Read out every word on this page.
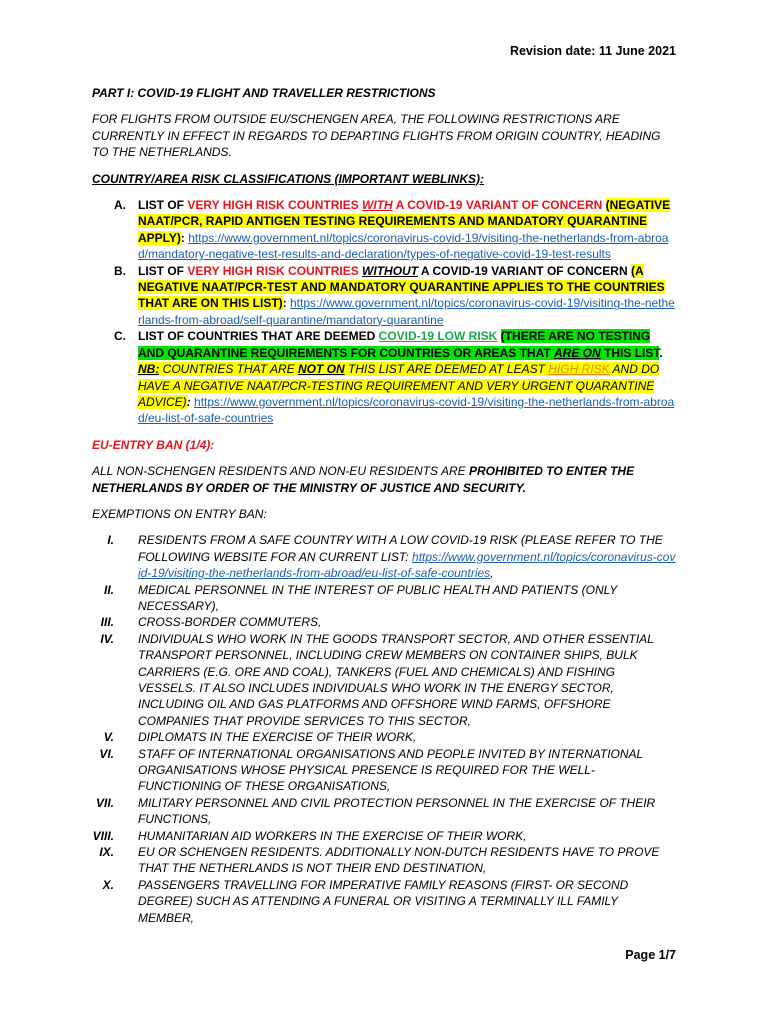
Revision date: 11 June 2021

PART I: COVID-19 FLIGHT AND TRAVELLER RESTRICTIONS

FOR FLIGHTS FROM OUTSIDE EU/SCHENGEN AREA, THE FOLLOWING RESTRICTIONS ARE CURRENTLY IN EFFECT IN REGARDS TO DEPARTING FLIGHTS FROM ORIGIN COUNTRY, HEADING TO THE NETHERLANDS.

COUNTRY/AREA RISK CLASSIFICATIONS (IMPORTANT WEBLINKS):

A. LIST OF VERY HIGH RISK COUNTRIES WITH A COVID-19 VARIANT OF CONCERN (NEGATIVE NAAT/PCR, RAPID ANTIGEN TESTING REQUIREMENTS AND MANDATORY QUARANTINE APPLY): https://www.government.nl/topics/coronavirus-covid-19/visiting-the-netherlands-from-abroad/mandatory-negative-test-results-and-declaration/types-of-negative-covid-19-test-results
B. LIST OF VERY HIGH RISK COUNTRIES WITHOUT A COVID-19 VARIANT OF CONCERN (A NEGATIVE NAAT/PCR-TEST AND MANDATORY QUARANTINE APPLIES TO THE COUNTRIES THAT ARE ON THIS LIST): https://www.government.nl/topics/coronavirus-covid-19/visiting-the-netherlands-from-abroad/self-quarantine/mandatory-quarantine
C. LIST OF COUNTRIES THAT ARE DEEMED COVID-19 LOW RISK (THERE ARE NO TESTING AND QUARANTINE REQUIREMENTS FOR COUNTRIES OR AREAS THAT ARE ON THIS LIST.
NB: COUNTRIES THAT ARE NOT ON THIS LIST ARE DEEMED AT LEAST HIGH RISK AND DO HAVE A NEGATIVE NAAT/PCR-TESTING REQUIREMENT AND VERY URGENT QUARANTINE ADVICE): https://www.government.nl/topics/coronavirus-covid-19/visiting-the-netherlands-from-abroad/eu-list-of-safe-countries

EU-ENTRY BAN (1/4):

ALL NON-SCHENGEN RESIDENTS AND NON-EU RESIDENTS ARE PROHIBITED TO ENTER THE NETHERLANDS BY ORDER OF THE MINISTRY OF JUSTICE AND SECURITY.

EXEMPTIONS ON ENTRY BAN:

I. RESIDENTS FROM A SAFE COUNTRY WITH A LOW COVID-19 RISK (PLEASE REFER TO THE FOLLOWING WEBSITE FOR AN CURRENT LIST: https://www.government.nl/topics/coronavirus-covid-19/visiting-the-netherlands-from-abroad/eu-list-of-safe-countries,
II. MEDICAL PERSONNEL IN THE INTEREST OF PUBLIC HEALTH AND PATIENTS (ONLY NECESSARY),
III. CROSS-BORDER COMMUTERS,
IV. INDIVIDUALS WHO WORK IN THE GOODS TRANSPORT SECTOR, AND OTHER ESSENTIAL TRANSPORT PERSONNEL, INCLUDING CREW MEMBERS ON CONTAINER SHIPS, BULK CARRIERS (E.G. ORE AND COAL), TANKERS (FUEL AND CHEMICALS) AND FISHING VESSELS. IT ALSO INCLUDES INDIVIDUALS WHO WORK IN THE ENERGY SECTOR, INCLUDING OIL AND GAS PLATFORMS AND OFFSHORE WIND FARMS, OFFSHORE COMPANIES THAT PROVIDE SERVICES TO THIS SECTOR,
V. DIPLOMATS IN THE EXERCISE OF THEIR WORK,
VI. STAFF OF INTERNATIONAL ORGANISATIONS AND PEOPLE INVITED BY INTERNATIONAL ORGANISATIONS WHOSE PHYSICAL PRESENCE IS REQUIRED FOR THE WELL-FUNCTIONING OF THESE ORGANISATIONS,
VII. MILITARY PERSONNEL AND CIVIL PROTECTION PERSONNEL IN THE EXERCISE OF THEIR FUNCTIONS,
VIII. HUMANITARIAN AID WORKERS IN THE EXERCISE OF THEIR WORK,
IX. EU OR SCHENGEN RESIDENTS. ADDITIONALLY NON-DUTCH RESIDENTS HAVE TO PROVE THAT THE NETHERLANDS IS NOT THEIR END DESTINATION,
X. PASSENGERS TRAVELLING FOR IMPERATIVE FAMILY REASONS (FIRST- OR SECOND DEGREE) SUCH AS ATTENDING A FUNERAL OR VISITING A TERMINALLY ILL FAMILY MEMBER,
Page 1/7
